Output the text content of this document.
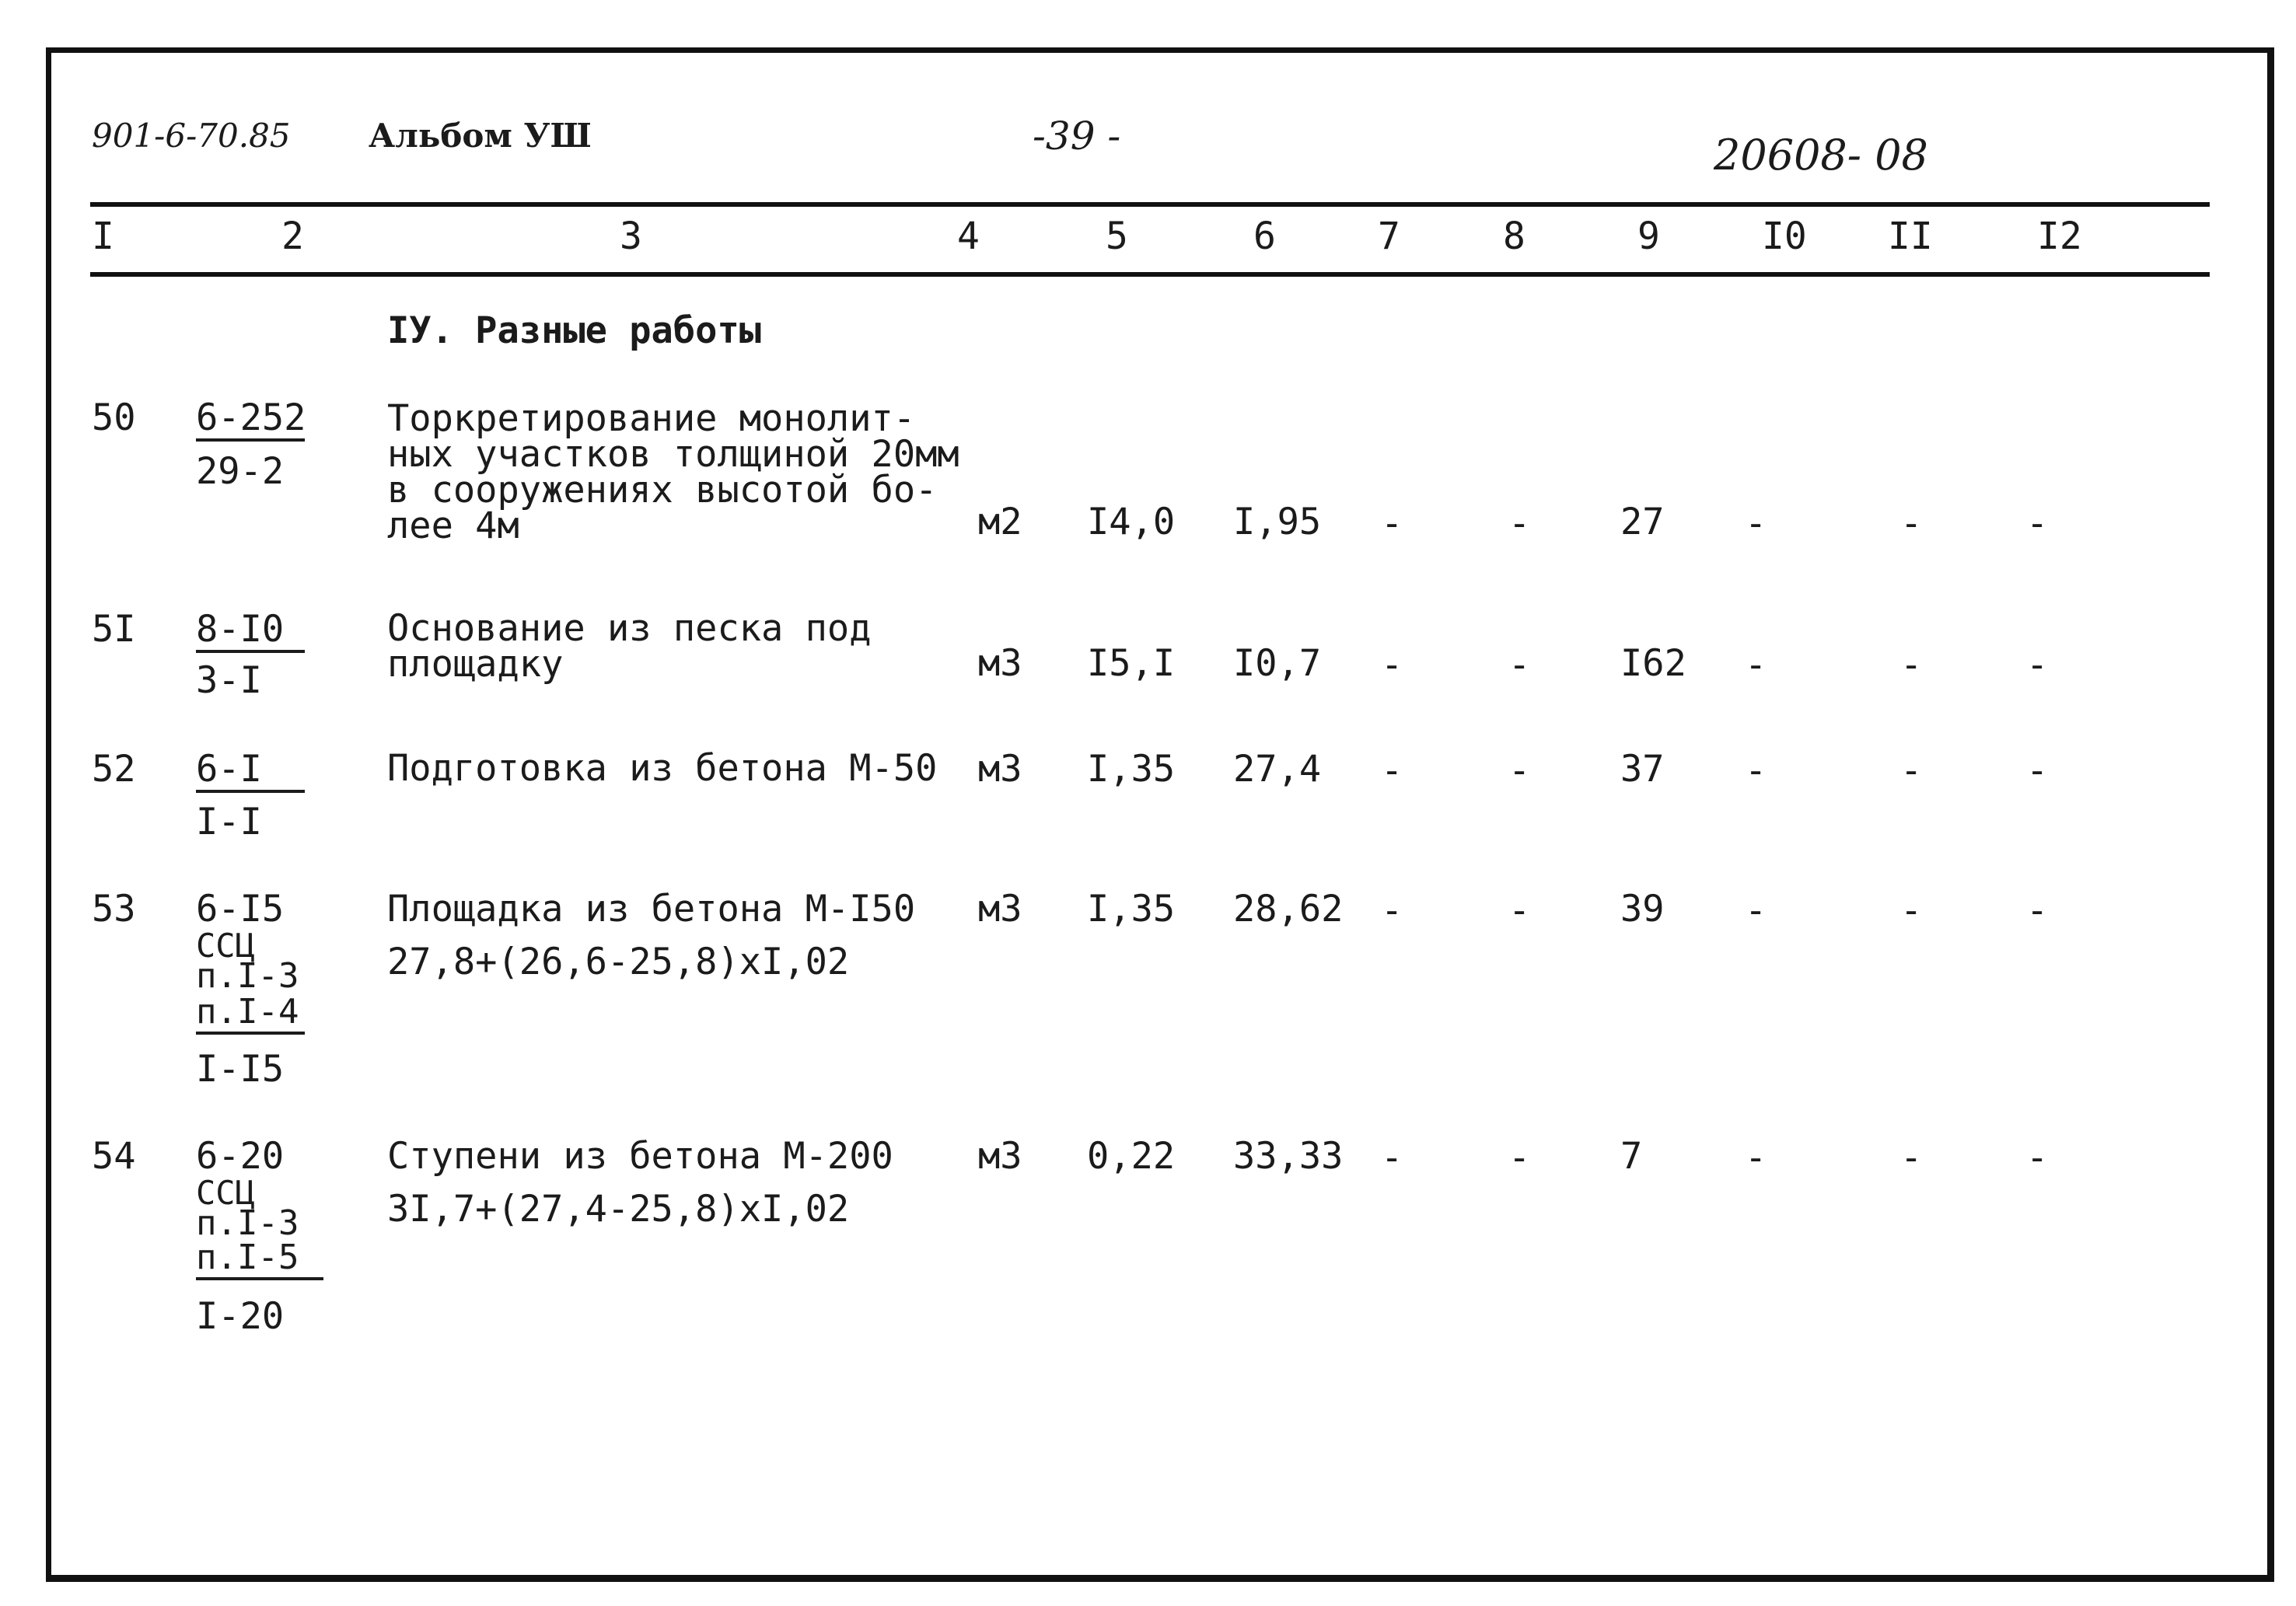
901-6-70.85 Альбом УШ	-39 -	20608- 08
I	2	3	4	5	6	7	8	9	I0 II	I2
IУ. Разные работы
50 6-252
29-2
Торкретирование монолит-
ных участков толщиной 20мм
в сооружениях высотой бо-
лее 4м	м2 I4,0 I,95 -	- 27 -	-	-
5I 8-I0
3-I
Основание из песка под
площадку	м3 I5,I I0,7 -	- I62 -	-	-
52 6-I
I-I
Подготовка из бетона М-50 м3 I,35 27,4 -	- 37 -	-	-
53 6-I5
ССЦ
п.I-3
п.I-4
I-I5
Площадка из бетона М-I50
27,8+(26,6-25,8)хI,02
м3 I,35 28,62 -	- 39 -	-	-
54 6-20
ССЦ
п.I-3
п.I-5
I-20
Ступени из бетона М-200
3I,7+(27,4-25,8)хI,02
м3 0,22 33,33 -	- 7	-	-	-
